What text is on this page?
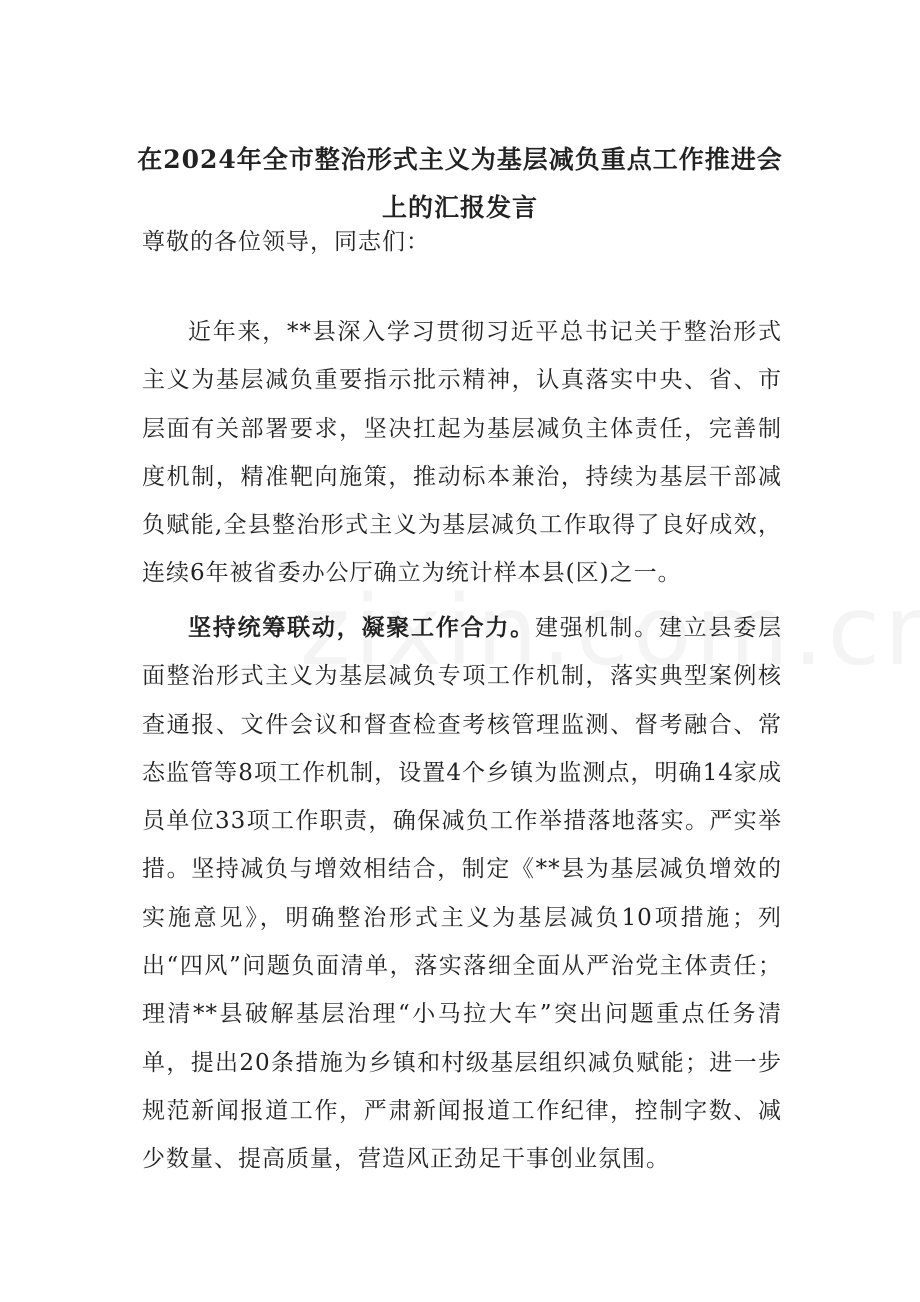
在2024年全市整治形式主义为基层减负重点工作推进会上的汇报发言
尊敬的各位领导，同志们：
近年来，**县深入学习贯彻习近平总书记关于整治形式主义为基层减负重要指示批示精神，认真落实中央、省、市层面有关部署要求，坚决扛起为基层减负主体责任，完善制度机制，精准靶向施策，推动标本兼治，持续为基层干部减负赋能,全县整治形式主义为基层减负工作取得了良好成效，连续6年被省委办公厅确立为统计样本县(区)之一。
坚持统筹联动，凝聚工作合力。建强机制。建立县委层面整治形式主义为基层减负专项工作机制，落实典型案例核查通报、文件会议和督查检查考核管理监测、督考融合、常态监管等8项工作机制，设置4个乡镇为监测点，明确14家成员单位33项工作职责，确保减负工作举措落地落实。严实举措。坚持减负与增效相结合，制定《**县为基层减负增效的实施意见》，明确整治形式主义为基层减负10项措施；列出“四风”问题负面清单，落实落细全面从严治党主体责任；理清**县破解基层治理“小马拉大车”突出问题重点任务清单，提出20条措施为乡镇和村级基层组织减负赋能；进一步规范新闻报道工作，严肃新闻报道工作纪律，控制字数、减少数量、提高质量，营造风正劲足干事创业氛围。
